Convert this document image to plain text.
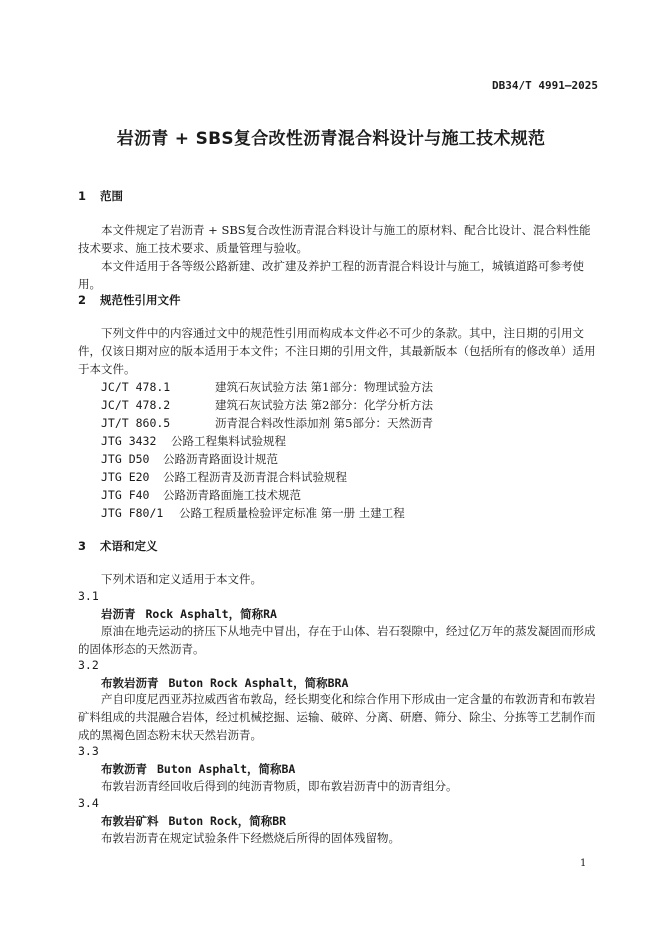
DB34/T 4991—2025
岩沥青 + SBS复合改性沥青混合料设计与施工技术规范
1 范围

本文件规定了岩沥青 + SBS复合改性沥青混合料设计与施工的原材料、配合比设计、混合料性能技术要求、施工技术要求、质量管理与验收。

本文件适用于各等级公路新建、改扩建及养护工程的沥青混合料设计与施工，城镇道路可参考使用。

2 规范性引用文件

下列文件中的内容通过文中的规范性引用而构成本文件必不可少的条款。其中，注日期的引用文件，仅该日期对应的版本适用于本文件；不注日期的引用文件，其最新版本（包括所有的修改单）适用于本文件。

JC/T 478.1	建筑石灰试验方法 第1部分：物理试验方法
JC/T 478.2	建筑石灰试验方法 第2部分：化学分析方法
JT/T 860.5	沥青混合料改性添加剂 第5部分：天然沥青
JTG 3432 公路工程集料试验规程
JTG D50 公路沥青路面设计规范
JTG E20 公路工程沥青及沥青混合料试验规程
JTG F40 公路沥青路面施工技术规范
JTG F80/1 公路工程质量检验评定标准 第一册 土建工程
3 术语和定义

下列术语和定义适用于本文件。

3.1
岩沥青 Rock Asphalt，简称RA

原油在地壳运动的挤压下从地壳中冒出，存在于山体、岩石裂隙中，经过亿万年的蒸发凝固而形成的固体形态的天然沥青。

3.2
布敦岩沥青 Buton Rock Asphalt，简称BRA

产自印度尼西亚苏拉威西省布敦岛，经长期变化和综合作用下形成由一定含量的布敦沥青和布敦岩矿料组成的共混融合岩体，经过机械挖掘、运输、破碎、分离、研磨、筛分、除尘、分拣等工艺制作而成的黑褐色固态粉末状天然岩沥青。

3.3
布敦沥青 Buton Asphalt，简称BA

布敦岩沥青经回收后得到的纯沥青物质，即布敦岩沥青中的沥青组分。

3.4
布敦岩矿料 Buton Rock，简称BR

布敦岩沥青在规定试验条件下经燃烧后所得的固体残留物。

1
